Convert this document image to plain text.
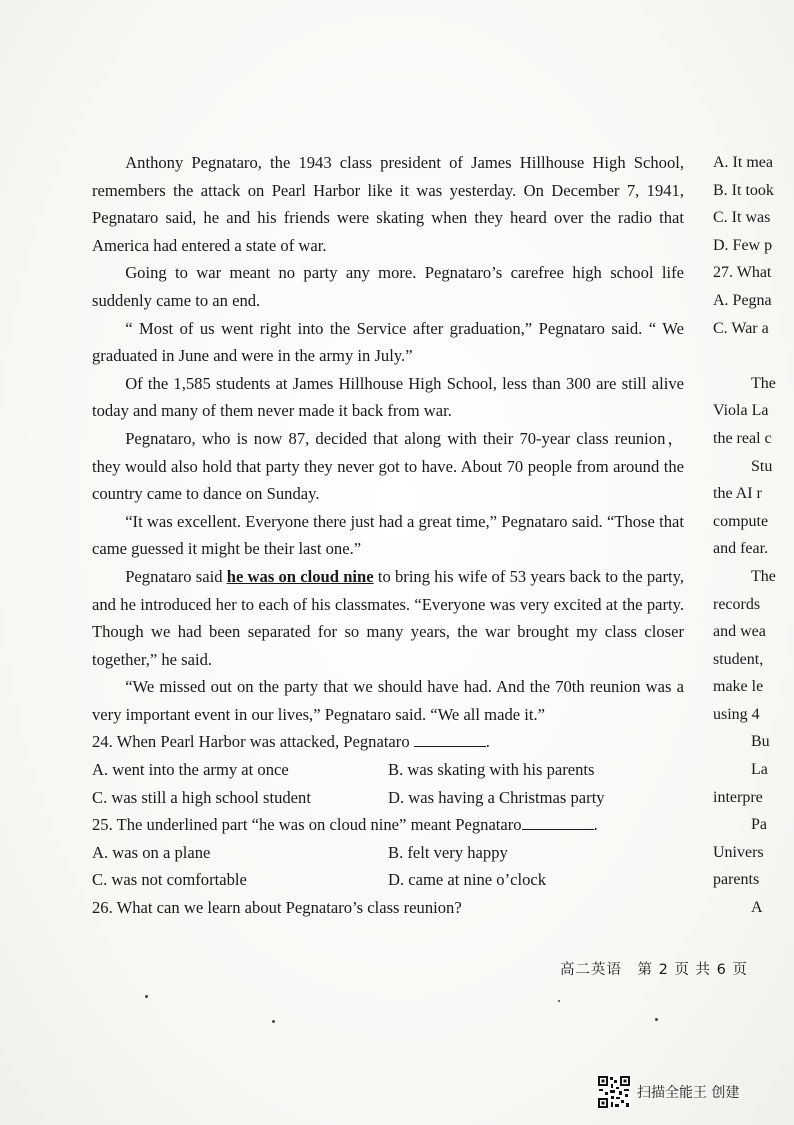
Anthony Pegnataro, the 1943 class president of James Hillhouse High School, remembers the attack on Pearl Harbor like it was yesterday. On December 7, 1941, Pegnataro said, he and his friends were skating when they heard over the radio that America had entered a state of war.

Going to war meant no party any more. Pegnataro’s carefree high school life suddenly came to an end.

“ Most of us went right into the Service after graduation,” Pegnataro said. “ We graduated in June and were in the army in July.”

Of the 1,585 students at James Hillhouse High School, less than 300 are still alive today and many of them never made it back from war.

Pegnataro, who is now 87, decided that along with their 70-year class reunion， they would also hold that party they never got to have. About 70 people from around the country came to dance on Sunday.

“It was excellent. Everyone there just had a great time,” Pegnataro said. “Those that came guessed it might be their last one.”

Pegnataro said he was on cloud nine to bring his wife of 53 years back to the party, and he introduced her to each of his classmates. “Everyone was very excited at the party. Though we had been separated for so many years, the war brought my class closer together,” he said.

“We missed out on the party that we should have had. And the 70th reunion was a very important event in our lives,” Pegnataro said. “We all made it.”

24. When Pearl Harbor was attacked, Pegnataro	.
A. went into the army at once	B. was skating with his parents
C. was still a high school student	D. was having a Christmas party
25. The underlined part “he was on cloud nine” meant Pegnataro	.
A. was on a plane	B. felt very happy
C. was not comfortable	D. came at nine o’clock
26. What can we learn about Pegnataro’s class reunion?
A. It mea
B. It took
C. It was
D. Few p
27. What
A. Pegna
C. War a
The
Viola La
the real c
Stu
the AI r
compute
and fear.
The
records
and wea
student,
make le
using 4
Bu
La
interpre
Pa
Univers
parents
A
高二英语　第 2 页 共 6 页
扫描全能王 创建
